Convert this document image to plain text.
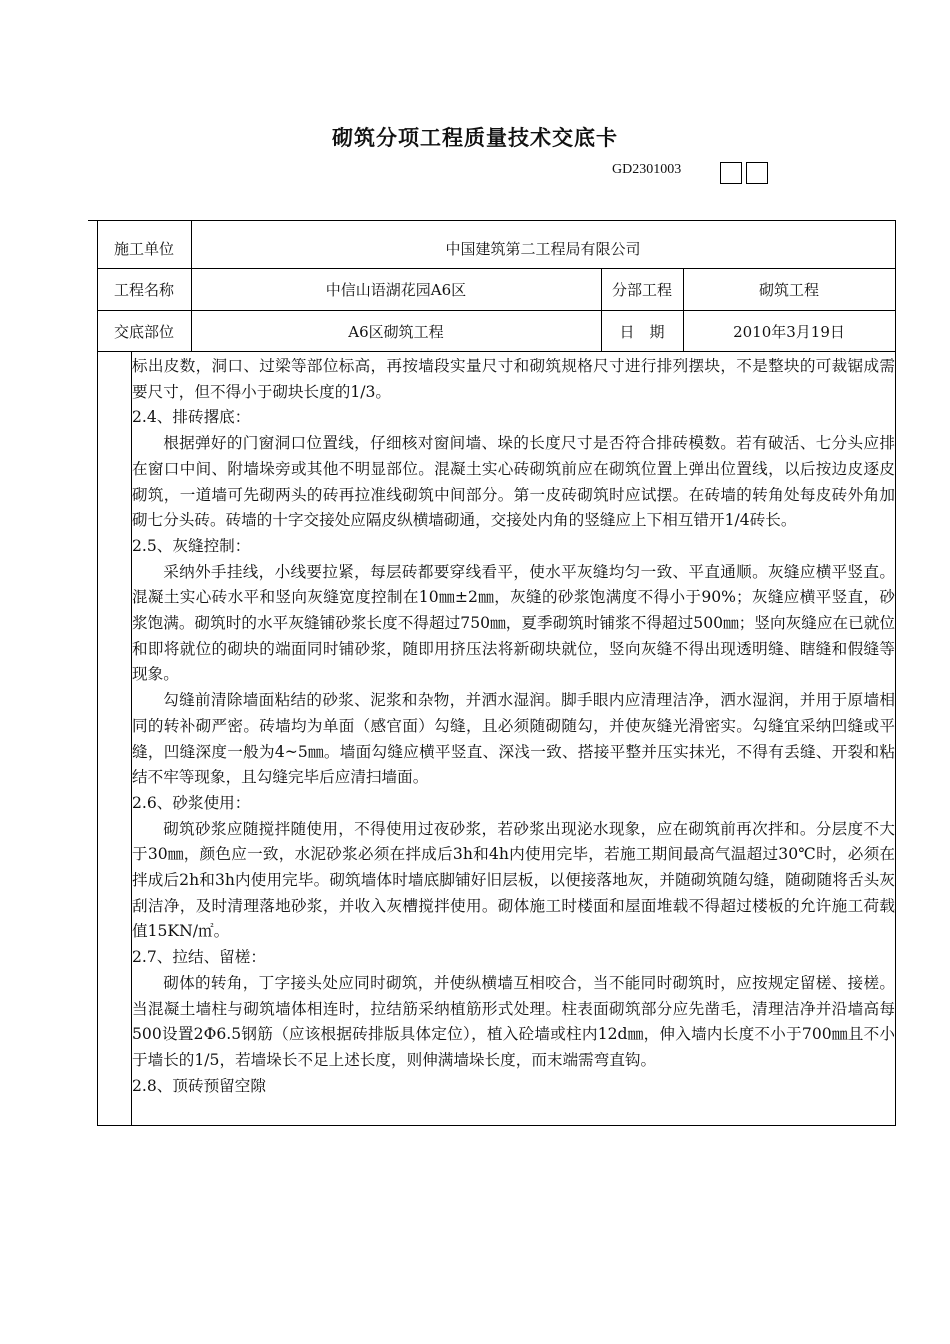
砌筑分项工程质量技术交底卡
GD2301003
施工单位	中国建筑第二工程局有限公司
工程名称	中信山语湖花园A6区	分部工程	砌筑工程
交底部位	A6区砌筑工程	日　期	2010年3月19日

标出皮数，洞口、过梁等部位标高，再按墙段实量尺寸和砌筑规格尺寸进行排列摆块，不是整块的可裁锯成需要尺寸，但不得小于砌块长度的1/3。

2.4、排砖撂底：

根据弹好的门窗洞口位置线，仔细核对窗间墙、垛的长度尺寸是否符合排砖模数。若有破活、七分头应排在窗口中间、附墙垛旁或其他不明显部位。混凝土实心砖砌筑前应在砌筑位置上弹出位置线，以后按边皮逐皮砌筑，一道墙可先砌两头的砖再拉准线砌筑中间部分。第一皮砖砌筑时应试摆。在砖墙的转角处每皮砖外角加砌七分头砖。砖墙的十字交接处应隔皮纵横墙砌通，交接处内角的竖缝应上下相互错开1/4砖长。

2.5、灰缝控制：

采纳外手挂线，小线要拉紧，每层砖都要穿线看平，使水平灰缝均匀一致、平直通顺。灰缝应横平竖直。混凝土实心砖水平和竖向灰缝宽度控制在10㎜±2㎜，灰缝的砂浆饱满度不得小于90%；灰缝应横平竖直，砂浆饱满。砌筑时的水平灰缝铺砂浆长度不得超过750㎜，夏季砌筑时铺浆不得超过500㎜；竖向灰缝应在已就位和即将就位的砌块的端面同时铺砂浆，随即用挤压法将新砌块就位，竖向灰缝不得出现透明缝、瞎缝和假缝等现象。

勾缝前清除墙面粘结的砂浆、泥浆和杂物，并洒水湿润。脚手眼内应清理洁净，洒水湿润，并用于原墙相同的转补砌严密。砖墙均为单面（感官面）勾缝，且必须随砌随勾，并使灰缝光滑密实。勾缝宜采纳凹缝或平缝，凹缝深度一般为4~5㎜。墙面勾缝应横平竖直、深浅一致、搭接平整并压实抹光，不得有丢缝、开裂和粘结不牢等现象，且勾缝完毕后应清扫墙面。

2.6、砂浆使用：

砌筑砂浆应随搅拌随使用，不得使用过夜砂浆，若砂浆出现泌水现象，应在砌筑前再次拌和。分层度不大于30㎜，颜色应一致，水泥砂浆必须在拌成后3h和4h内使用完毕，若施工期间最高气温超过30℃时，必须在拌成后2h和3h内使用完毕。砌筑墙体时墙底脚铺好旧层板，以便接落地灰，并随砌筑随勾缝，随砌随将舌头灰刮洁净，及时清理落地砂浆，并收入灰槽搅拌使用。砌体施工时楼面和屋面堆载不得超过楼板的允许施工荷载值15KN/㎡。

2.7、拉结、留槎：

砌体的转角，丁字接头处应同时砌筑，并使纵横墙互相咬合，当不能同时砌筑时，应按规定留槎、接槎。当混凝土墙柱与砌筑墙体相连时，拉结筋采纳植筋形式处理。柱表面砌筑部分应先凿毛，清理洁净并沿墙高每500设置2Φ6.5钢筋（应该根据砖排版具体定位），植入砼墙或柱内12d㎜，伸入墙内长度不小于700㎜且不小于墙长的1/5，若墙垛长不足上述长度，则伸满墙垛长度，而末端需弯直钩。

2.8、顶砖预留空隙
